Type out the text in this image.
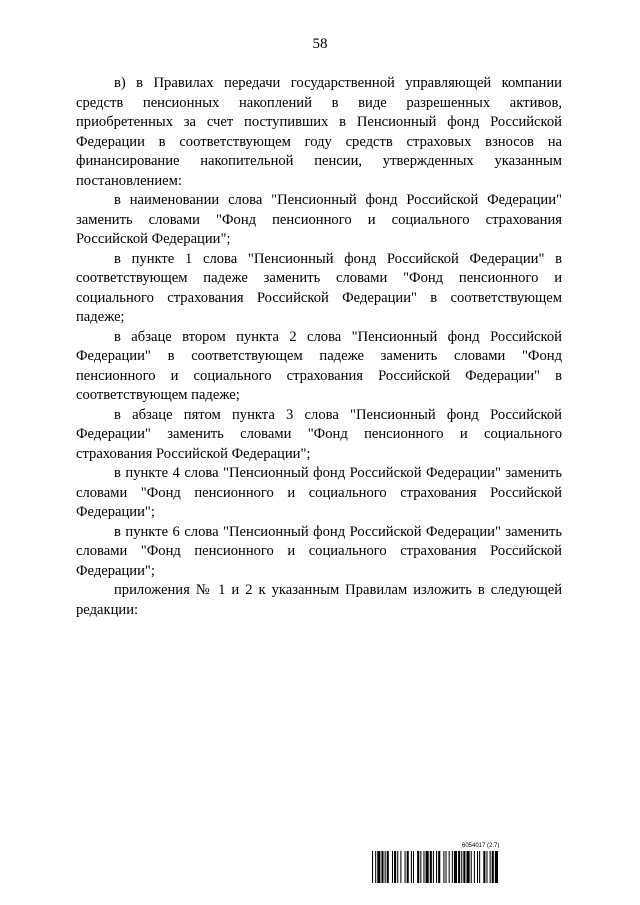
58

в) в Правилах передачи государственной управляющей компании средств пенсионных накоплений в виде разрешенных активов, приобретенных за счет поступивших в Пенсионный фонд Российской Федерации в соответствующем году средств страховых взносов на финансирование накопительной пенсии, утвержденных указанным постановлением:

в наименовании слова "Пенсионный фонд Российской Федерации" заменить словами "Фонд пенсионного и социального страхования Российской Федерации";

в пункте 1 слова "Пенсионный фонд Российской Федерации" в соответствующем падеже заменить словами "Фонд пенсионного и социального страхования Российской Федерации" в соответствующем падеже;

в абзаце втором пункта 2 слова "Пенсионный фонд Российской Федерации" в соответствующем падеже заменить словами "Фонд пенсионного и социального страхования Российской Федерации" в соответствующем падеже;

в абзаце пятом пункта 3 слова "Пенсионный фонд Российской Федерации" заменить словами "Фонд пенсионного и социального страхования Российской Федерации";

в пункте 4 слова "Пенсионный фонд Российской Федерации" заменить словами "Фонд пенсионного и социального страхования Российской Федерации";

в пункте 6 слова "Пенсионный фонд Российской Федерации" заменить словами "Фонд пенсионного и социального страхования Российской Федерации";

приложения № 1 и 2 к указанным Правилам изложить в следующей редакции:

6054017 (2.7)
